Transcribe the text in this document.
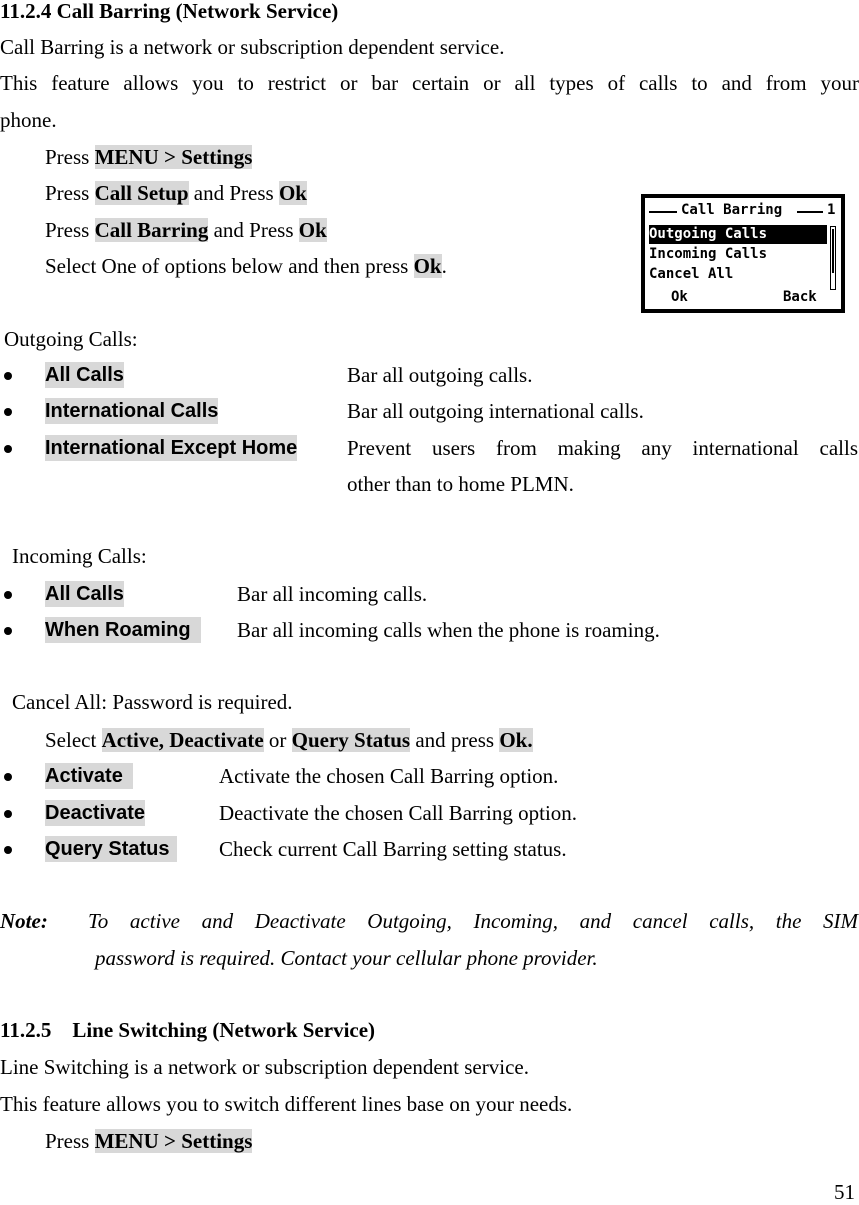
11.2.4 Call Barring (Network Service)
Call Barring is a network or subscription dependent service.
This feature allows you to restrict or bar certain or all types of calls to and from your
phone.
Press MENU > Settings
Press Call Setup and Press Ok
Press Call Barring and Press Ok
Select One of options below and then press Ok.
Call Barring	1
Outgoing Calls
Incoming Calls
Cancel All
Ok	Back
Outgoing Calls:
All Calls	Bar all outgoing calls.
International Calls	Bar all outgoing international calls.
International Except Home Prevent users from making any international calls
other than to home PLMN.
Incoming Calls:
All Calls	Bar all incoming calls.
When Roaming	Bar all incoming calls when the phone is roaming.
Cancel All: Password is required.
Select Active, Deactivate or Query Status and press Ok.
Activate	Activate the chosen Call Barring option.
Deactivate	Deactivate the chosen Call Barring option.
Query Status	Check current Call Barring setting status.
Note: To active and Deactivate Outgoing, Incoming, and cancel calls, the SIM
password is required. Contact your cellular phone provider.
11.2.5    Line Switching (Network Service)
Line Switching is a network or subscription dependent service.
This feature allows you to switch different lines base on your needs.
Press MENU > Settings
51
